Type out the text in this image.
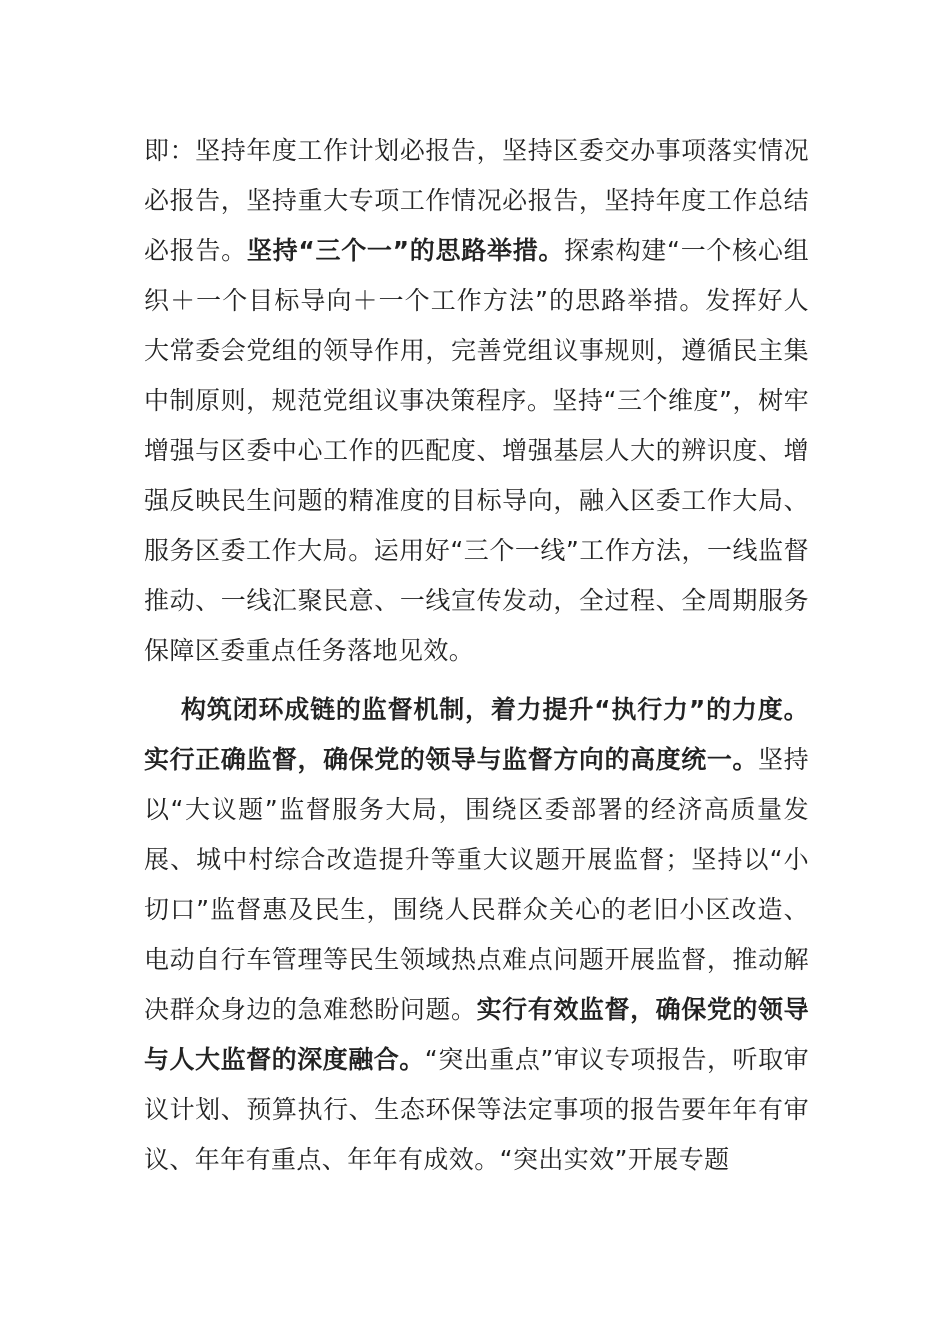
即：坚持年度工作计划必报告，坚持区委交办事项落实情况必报告，坚持重大专项工作情况必报告，坚持年度工作总结必报告。坚持“三个一”的思路举措。探索构建“一个核心组织＋一个目标导向＋一个工作方法”的思路举措。发挥好人大常委会党组的领导作用，完善党组议事规则，遵循民主集中制原则，规范党组议事决策程序。坚持“三个维度”，树牢增强与区委中心工作的匹配度、增强基层人大的辨识度、增强反映民生问题的精准度的目标导向，融入区委工作大局、服务区委工作大局。运用好“三个一线”工作方法，一线监督推动、一线汇聚民意、一线宣传发动，全过程、全周期服务保障区委重点任务落地见效。

构筑闭环成链的监督机制，着力提升“执行力”的力度。实行正确监督，确保党的领导与监督方向的高度统一。坚持以“大议题”监督服务大局，围绕区委部署的经济高质量发展、城中村综合改造提升等重大议题开展监督；坚持以“小切口”监督惠及民生，围绕人民群众关心的老旧小区改造、电动自行车管理等民生领域热点难点问题开展监督，推动解决群众身边的急难愁盼问题。实行有效监督，确保党的领导与人大监督的深度融合。“突出重点”审议专项报告，听取审议计划、预算执行、生态环保等法定事项的报告要年年有审议、年年有重点、年年有成效。“突出实效”开展专题
